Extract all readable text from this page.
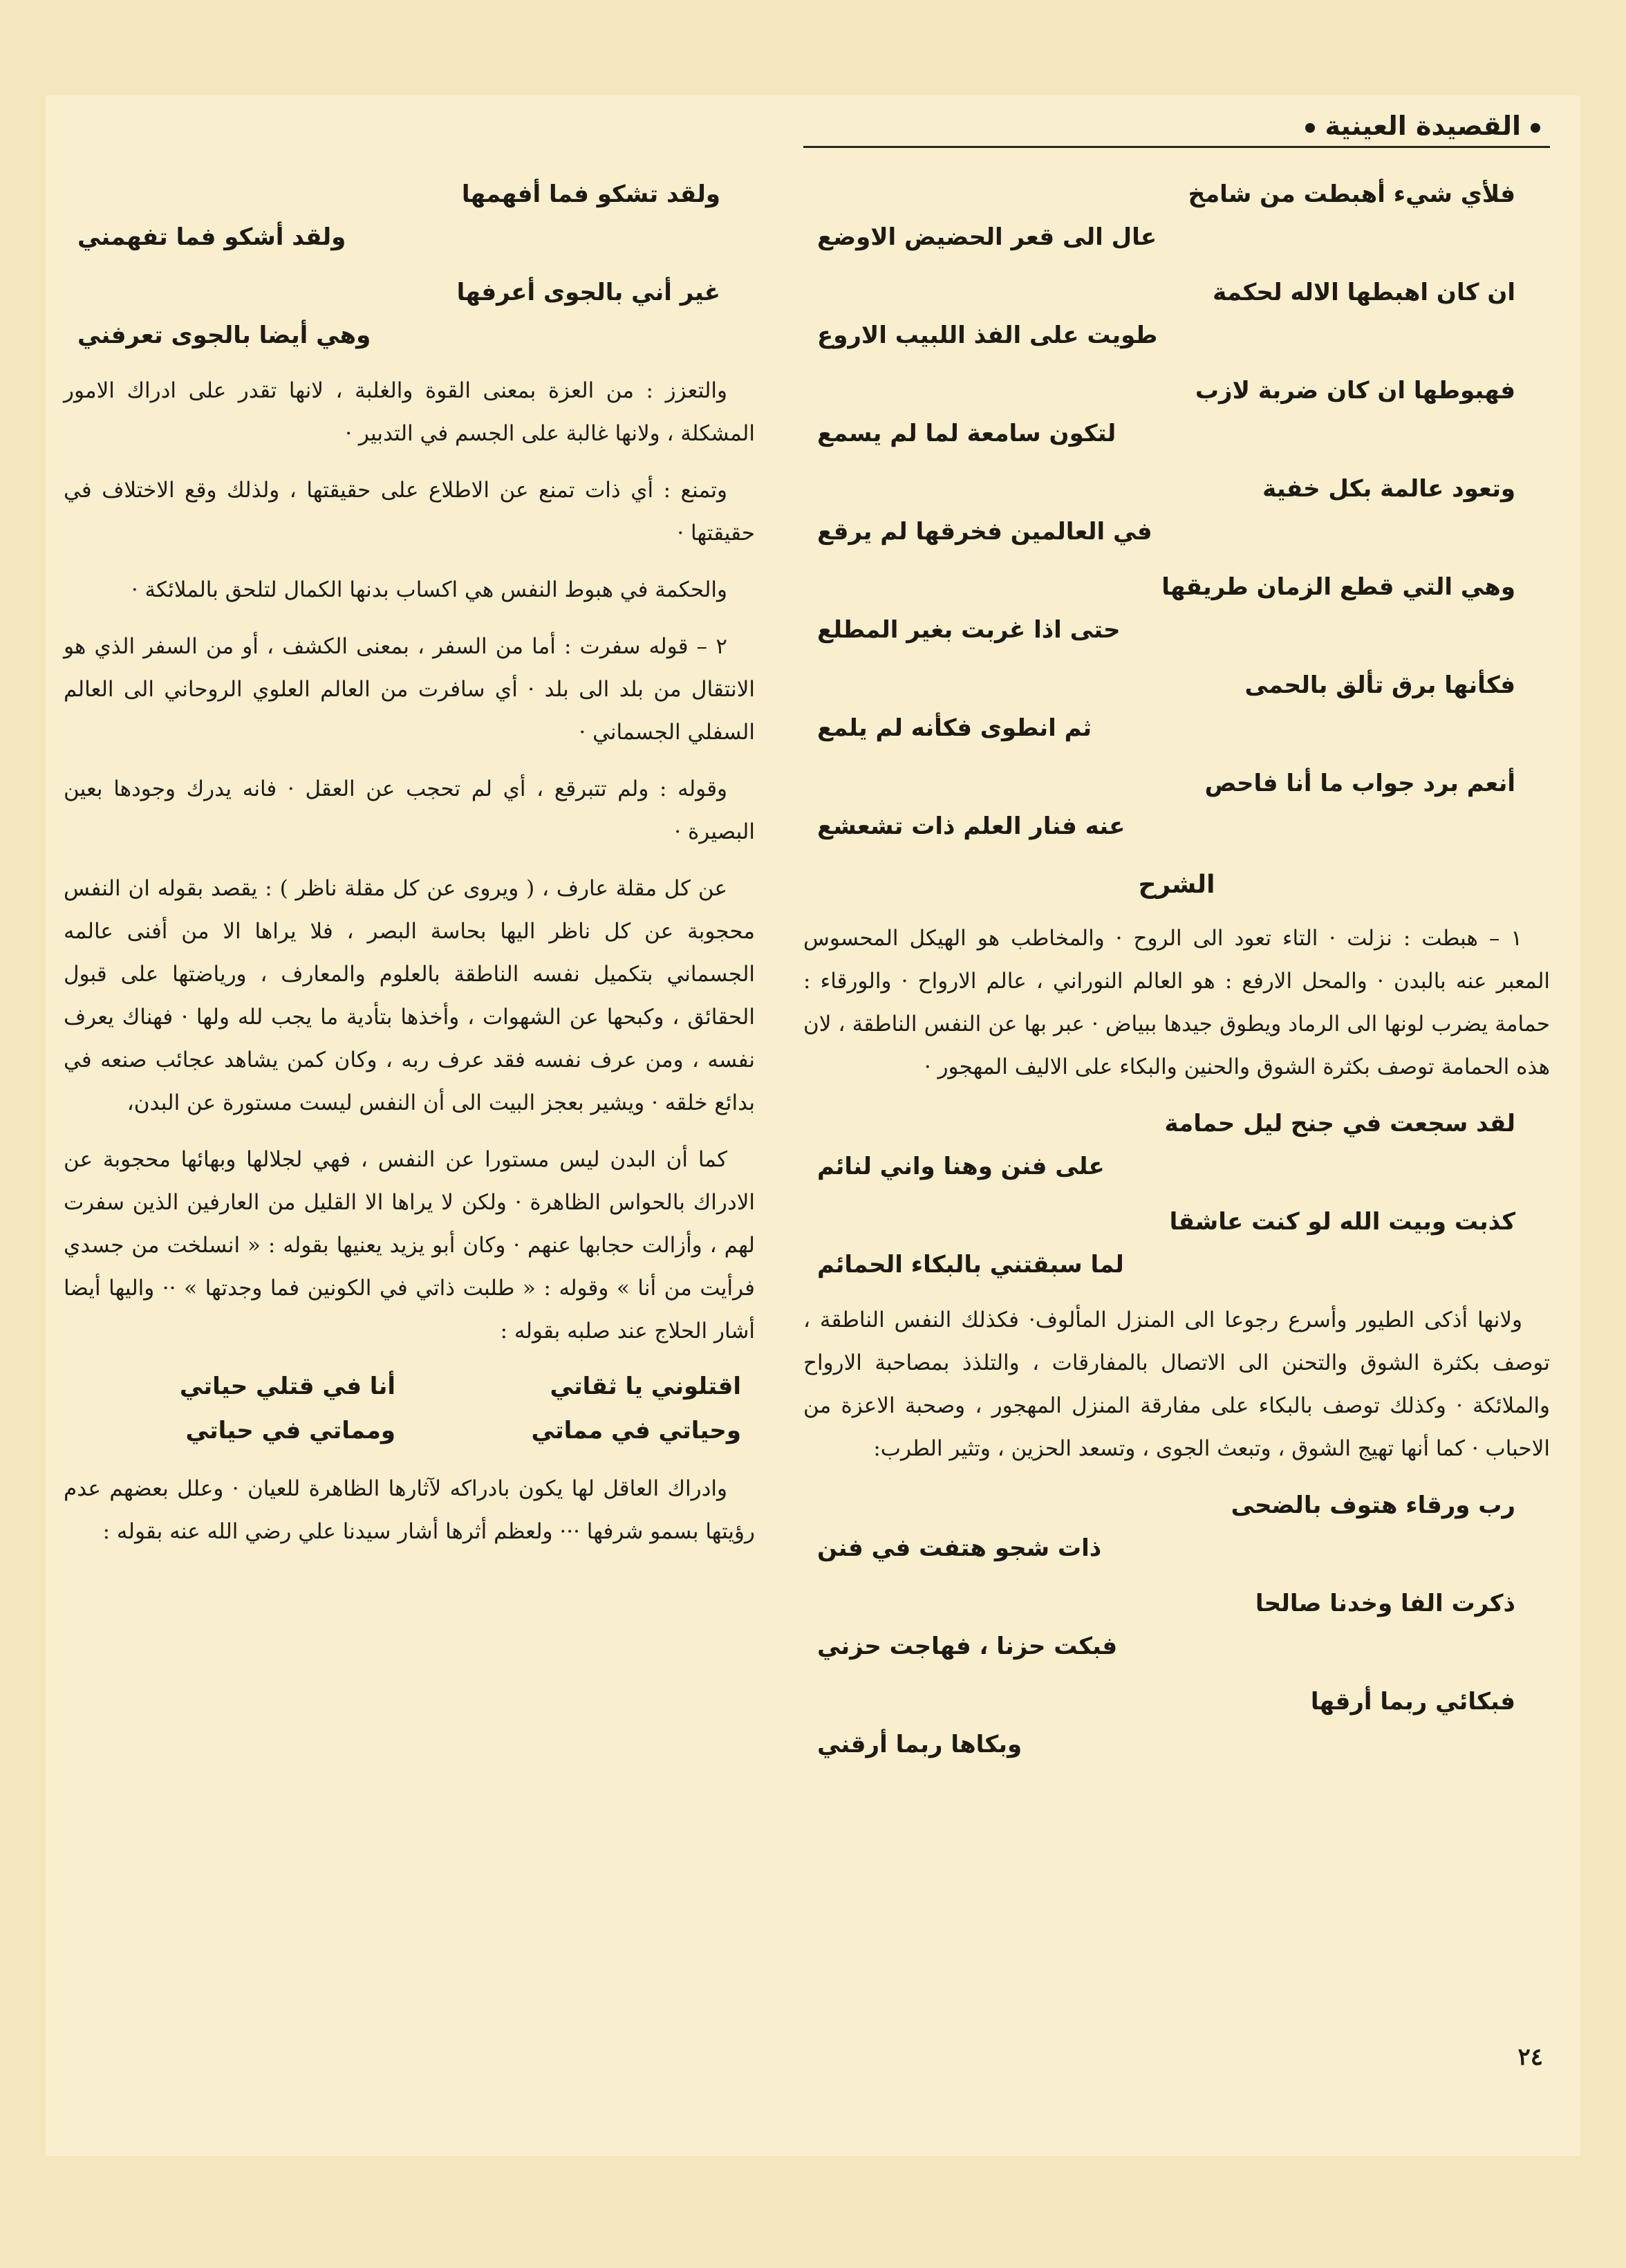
القصيدة العينية
فلأي شيء أهبطت من شامخ
عال الى قعر الحضيض الاوضع
ان كان اهبطها الاله لحكمة
طويت على الفذ اللبيب الاروع
فهبوطها ان كان ضربة لازب
لتكون سامعة لما لم يسمع
وتعود عالمة بكل خفية
في العالمين فخرقها لم يرقع
وهي التي قطع الزمان طريقها
حتى اذا غربت بغير المطلع
فكأنها برق تألق بالحمى
ثم انطوى فكأنه لم يلمع
أنعم برد جواب ما أنا فاحص
عنه فنار العلم ذات تشعشع
الشرح

١ – هبطت : نزلت · التاء تعود الى الروح · والمخاطب هو الهيكل المحسوس المعبر عنه بالبدن · والمحل الارفع : هو العالم النوراني ، عالم الارواح · والورقاء : حمامة يضرب لونها الى الرماد ويطوق جيدها ببياض · عبر بها عن النفس الناطقة ، لان هذه الحمامة توصف بكثرة الشوق والحنين والبكاء على الاليف المهجور ·

لقد سجعت في جنح ليل حمامة
على فنن وهنا واني لنائم
كذبت وبيت الله لو كنت عاشقا
لما سبقتني بالبكاء الحمائم

ولانها أذكى الطيور وأسرع رجوعا الى المنزل المألوف· فكذلك النفس الناطقة ، توصف بكثرة الشوق والتحنن الى الاتصال بالمفارقات ، والتلذذ بمصاحبة الارواح والملائكة · وكذلك توصف بالبكاء على مفارقة المنزل المهجور ، وصحبة الاعزة من الاحباب · كما أنها تهيج الشوق ، وتبعث الجوى ، وتسعد الحزين ، وتثير الطرب:

رب ورقاء هتوف بالضحى
ذات شجو هتفت في فنن
ذكرت الفا وخدنا صالحا
فبكت حزنا ، فهاجت حزني
فبكائي ربما أرقها
وبكاها ربما أرقني
ولقد تشكو فما أفهمها
ولقد أشكو فما تفهمني
غير أني بالجوى أعرفها
وهي أيضا بالجوى تعرفني

والتعزز : من العزة بمعنى القوة والغلبة ، لانها تقدر على ادراك الامور المشكلة ، ولانها غالبة على الجسم في التدبير ·

وتمنع : أي ذات تمنع عن الاطلاع على حقيقتها ، ولذلك وقع الاختلاف في حقيقتها ·

والحكمة في هبوط النفس هي اكساب بدنها الكمال لتلحق بالملائكة ·

٢ – قوله سفرت : أما من السفر ، بمعنى الكشف ، أو من السفر الذي هو الانتقال من بلد الى بلد · أي سافرت من العالم العلوي الروحاني الى العالم السفلي الجسماني ·

وقوله : ولم تتبرقع ، أي لم تحجب عن العقل · فانه يدرك وجودها بعين البصيرة ·

عن كل مقلة عارف ، ( ويروى عن كل مقلة ناظر ) : يقصد بقوله ان النفس محجوبة عن كل ناظر اليها بحاسة البصر ، فلا يراها الا من أفنى عالمه الجسماني بتكميل نفسه الناطقة بالعلوم والمعارف ، ورياضتها على قبول الحقائق ، وكبحها عن الشهوات ، وأخذها بتأدية ما يجب لله ولها · فهناك يعرف نفسه ، ومن عرف نفسه فقد عرف ربه ، وكان كمن يشاهد عجائب صنعه في بدائع خلقه · ويشير بعجز البيت الى أن النفس ليست مستورة عن البدن،

كما أن البدن ليس مستورا عن النفس ، فهي لجلالها وبهائها محجوبة عن الادراك بالحواس الظاهرة · ولكن لا يراها الا القليل من العارفين الذين سفرت لهم ، وأزالت حجابها عنهم · وكان أبو يزيد يعنيها بقوله : « انسلخت من جسدي فرأيت من أنا » وقوله : « طلبت ذاتي في الكونين فما وجدتها » ·· واليها أيضا أشار الحلاج عند صلبه بقوله :

اقتلوني يا ثقاتي
أنا في قتلي حياتي
وحياتي في مماتي
ومماتي في حياتي

وادراك العاقل لها يكون بادراكه لآثارها الظاهرة للعيان · وعلل بعضهم عدم رؤيتها بسمو شرفها ··· ولعظم أثرها أشار سيدنا علي رضي الله عنه بقوله :

٢٤
